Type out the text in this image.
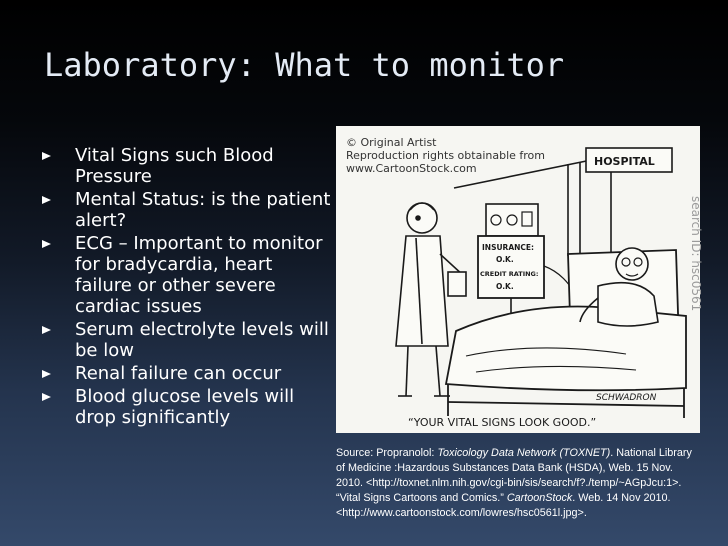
Laboratory: What to monitor
Vital Signs such Blood Pressure
Mental Status: is the patient alert?
ECG – Important to monitor for bradycardia, heart failure or other severe cardiac issues
Serum electrolyte levels will be low
Renal failure can occur
Blood glucose levels will drop significantly
© Original Artist
Reproduction rights obtainable from
www.CartoonStock.com
HOSPITAL
INSURANCE:
O.K.
CREDIT RATING:
O.K.	search ID: hsc0561
SCHWADRON
“YOUR VITAL SIGNS LOOK GOOD.”

Source: Propranolol: Toxicology Data Network (TOXNET). National Library of Medicine :Hazardous Substances Data Bank (HSDA), Web. 15 Nov. 2010. <http://toxnet.nlm.nih.gov/cgi-bin/sis/search/f?./temp/~AGpJcu:1>.

“Vital Signs Cartoons and Comics.” CartoonStock. Web. 14 Nov 2010. <http://www.cartoonstock.com/lowres/hsc0561l.jpg>.
